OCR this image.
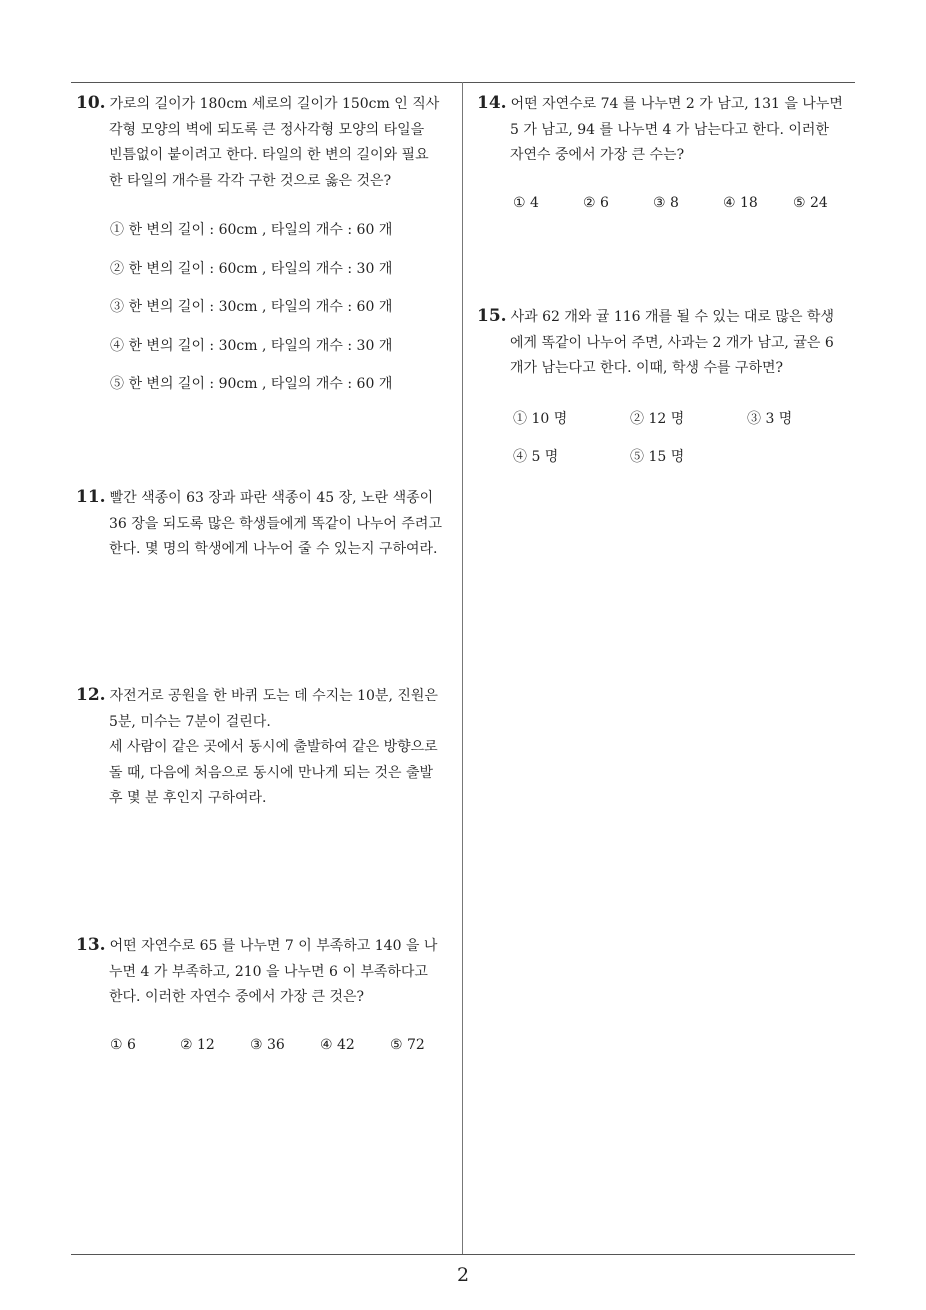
10. 가로의 길이가 180cm 세로의 길이가 150cm 인 직사
각형 모양의 벽에 되도록 큰 정사각형 모양의 타일을
빈틈없이 붙이려고 한다. 타일의 한 변의 길이와 필요
한 타일의 개수를 각각 구한 것으로 옳은 것은?
① 한 변의 길이 : 60cm , 타일의 개수 : 60 개
② 한 변의 길이 : 60cm , 타일의 개수 : 30 개
③ 한 변의 길이 : 30cm , 타일의 개수 : 60 개
④ 한 변의 길이 : 30cm , 타일의 개수 : 30 개
⑤ 한 변의 길이 : 90cm , 타일의 개수 : 60 개
11. 빨간 색종이 63 장과 파란 색종이 45 장, 노란 색종이
36 장을 되도록 많은 학생들에게 똑같이 나누어 주려고
한다. 몇 명의 학생에게 나누어 줄 수 있는지 구하여라.
12. 자전거로 공원을 한 바퀴 도는 데 수지는 10분, 진원은
5분, 미수는 7분이 걸린다.
세 사람이 같은 곳에서 동시에 출발하여 같은 방향으로
돌 때, 다음에 처음으로 동시에 만나게 되는 것은 출발
후 몇 분 후인지 구하여라.
13. 어떤 자연수로 65 를 나누면 7 이 부족하고 140 을 나
누면 4 가 부족하고, 210 을 나누면 6 이 부족하다고
한다. 이러한 자연수 중에서 가장 큰 것은?
① 6	② 12	③ 36	④ 42	⑤ 72
14. 어떤 자연수로 74 를 나누면 2 가 남고, 131 을 나누면
5 가 남고, 94 를 나누면 4 가 남는다고 한다. 이러한
자연수 중에서 가장 큰 수는?
① 4	② 6	③ 8	④ 18	⑤ 24
15. 사과 62 개와 귤 116 개를 될 수 있는 대로 많은 학생
에게 똑같이 나누어 주면, 사과는 2 개가 남고, 귤은 6
개가 남는다고 한다. 이때, 학생 수를 구하면?
① 10 명	② 12 명	③ 3 명
④ 5 명	⑤ 15 명
2
